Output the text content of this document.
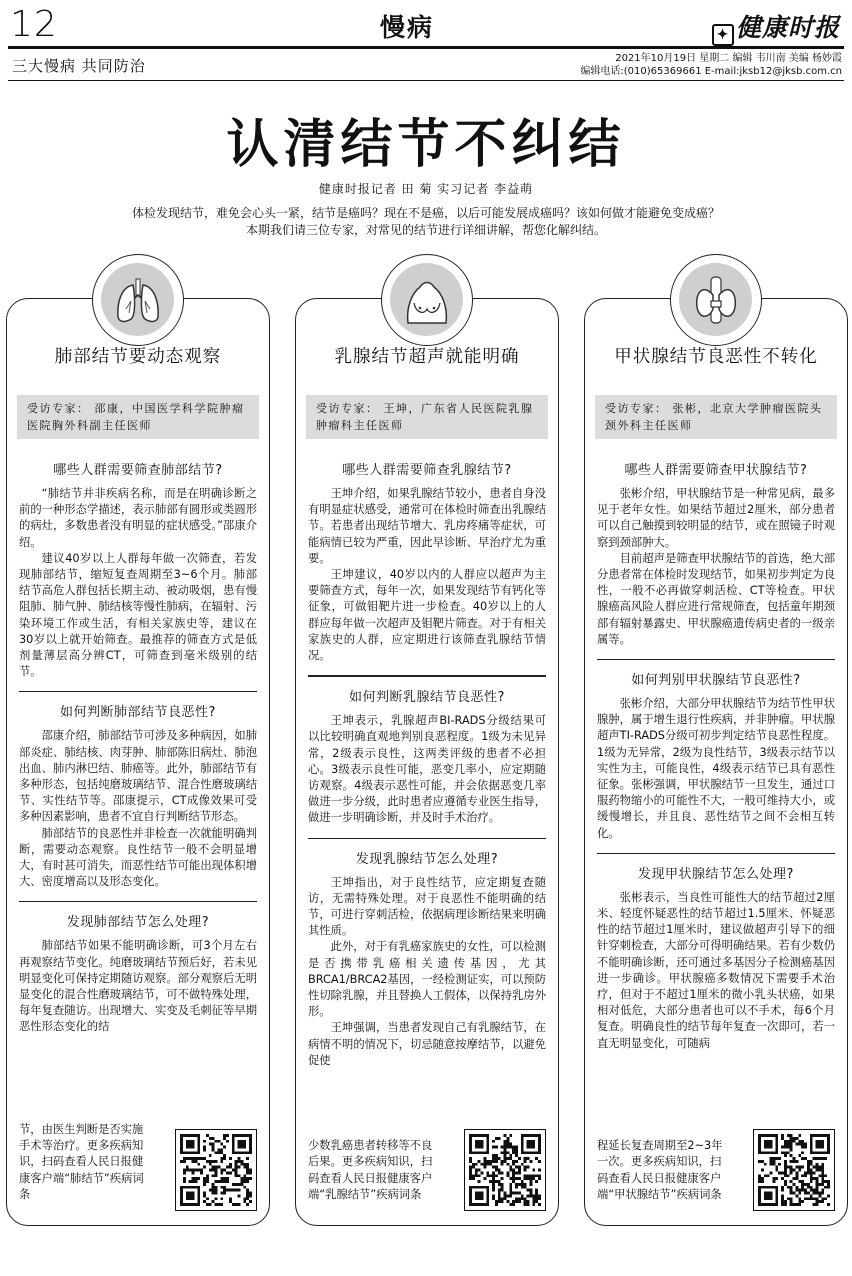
12	慢病	✦ 健康时报
三大慢病 共同防治	2021年10月19日 星期二 编辑 韦川南 美编 杨妙霞
编辑电话:(010)65369661 E-mail:jksb12@jksb.com.cn
认清结节不纠结
健康时报记者 田 菊 实习记者 李益萌
体检发现结节，难免会心头一紧，结节是癌吗？现在不是癌，以后可能发展成癌吗？该如何做才能避免变成癌？
本期我们请三位专家，对常见的结节进行详细讲解，帮您化解纠结。
肺部结节要动态观察
受访专家： 邵康，中国医学科学院肿瘤医院胸外科副主任医师
哪些人群需要筛查肺部结节?

“肺结节并非疾病名称，而是在明确诊断之前的一种形态学描述，表示肺部有圆形或类圆形的病灶，多数患者没有明显的症状感受。”邵康介绍。

建议40岁以上人群每年做一次筛查，若发现肺部结节，缩短复查周期至3~6个月。肺部结节高危人群包括长期主动、被动吸烟，患有慢阻肺、肺气肿、肺结核等慢性肺病，在辐射、污染环境工作或生活，有相关家族史等，建议在30岁以上就开始筛查。最推荐的筛查方式是低剂量薄层高分辨CT，可筛查到毫米级别的结节。

如何判断肺部结节良恶性?

邵康介绍，肺部结节可涉及多种病因，如肺部炎症、肺结核、肉芽肿、肺部陈旧病灶、肺泡出血、肺内淋巴结、肺癌等。此外，肺部结节有多种形态，包括纯磨玻璃结节、混合性磨玻璃结节、实性结节等。邵康提示，CT成像效果可受多种因素影响，患者不宜自行判断结节形态。

肺部结节的良恶性并非检查一次就能明确判断，需要动态观察。良性结节一般不会明显增大，有时甚可消失，而恶性结节可能出现体积增大、密度增高以及形态变化。

发现肺部结节怎么处理?

肺部结节如果不能明确诊断，可3个月左右再观察结节变化。纯磨玻璃结节预后好，若未见明显变化可保持定期随访观察。部分观察后无明显变化的混合性磨玻璃结节，可不做特殊处理，每年复查随访。出现增大、实变及毛刺征等早期恶性形态变化的结

节，由医生判断是否实施手术等治疗。更多疾病知识，扫码查看人民日报健康客户端“肺结节”疾病词条
乳腺结节超声就能明确
受访专家： 王坤，广东省人民医院乳腺肿瘤科主任医师
哪些人群需要筛查乳腺结节?

王坤介绍，如果乳腺结节较小，患者自身没有明显症状感受，通常可在体检时筛查出乳腺结节。若患者出现结节增大、乳房疼痛等症状，可能病情已较为严重，因此早诊断、早治疗尤为重要。

王坤建议，40岁以内的人群应以超声为主要筛查方式，每年一次，如果发现结节有钙化等征象，可做钼靶片进一步检查。40岁以上的人群应每年做一次超声及钼靶片筛查。对于有相关家族史的人群，应定期进行该筛查乳腺结节情况。

如何判断乳腺结节良恶性?

王坤表示，乳腺超声BI-RADS分级结果可以比较明确直观地判别良恶程度。1级为未见异常，2级表示良性，这两类评级的患者不必担心。3级表示良性可能，恶变几率小，应定期随访观察。4级表示恶性可能，并会依据恶变几率做进一步分级，此时患者应遵循专业医生指导，做进一步明确诊断，并及时手术治疗。

发现乳腺结节怎么处理?

王坤指出，对于良性结节，应定期复查随访，无需特殊处理。对于良恶性不能明确的结节，可进行穿刺活检，依据病理诊断结果来明确其性质。

此外，对于有乳癌家族史的女性，可以检测是否携带乳癌相关遗传基因，尤其BRCA1/BRCA2基因，一经检测证实，可以预防性切除乳腺，并且替换人工假体，以保持乳房外形。

王坤强调，当患者发现自己有乳腺结节，在病情不明的情况下，切忌随意按摩结节，以避免促使

少数乳癌患者转移等不良后果。更多疾病知识，扫码查看人民日报健康客户端“乳腺结节”疾病词条
甲状腺结节良恶性不转化
受访专家： 张彬，北京大学肿瘤医院头颈外科主任医师
哪些人群需要筛查甲状腺结节?

张彬介绍，甲状腺结节是一种常见病，最多见于老年女性。如果结节超过2厘米，部分患者可以自己触摸到较明显的结节，或在照镜子时观察到颈部肿大。

目前超声是筛查甲状腺结节的首选，绝大部分患者常在体检时发现结节，如果初步判定为良性，一般不必再做穿刺活检、CT等检查。甲状腺癌高风险人群应进行常规筛查，包括童年期颈部有辐射暴露史、甲状腺癌遗传病史者的一级亲属等。

如何判别甲状腺结节良恶性?

张彬介绍，大部分甲状腺结节为结节性甲状腺肿，属于增生退行性疾病，并非肿瘤。甲状腺超声TI-RADS分级可初步判定结节良恶性程度。1级为无异常，2级为良性结节，3级表示结节以实性为主，可能良性，4级表示结节已具有恶性征象。张彬强调，甲状腺结节一旦发生，通过口服药物缩小的可能性不大，一般可维持大小，或缓慢增长，并且良、恶性结节之间不会相互转化。

发现甲状腺结节怎么处理?

张彬表示，当良性可能性大的结节超过2厘米、轻度怀疑恶性的结节超过1.5厘米、怀疑恶性的结节超过1厘米时，建议做超声引导下的细针穿刺检查，大部分可得明确结果。若有少数仍不能明确诊断，还可通过多基因分子检测癌基因进一步确诊。甲状腺癌多数情况下需要手术治疗，但对于不超过1厘米的微小乳头状癌，如果相对低危，大部分患者也可以不手术，每6个月复查。明确良性的结节每年复查一次即可，若一直无明显变化，可随病

程延长复查周期至2~3年一次。更多疾病知识，扫码查看人民日报健康客户端“甲状腺结节”疾病词条
